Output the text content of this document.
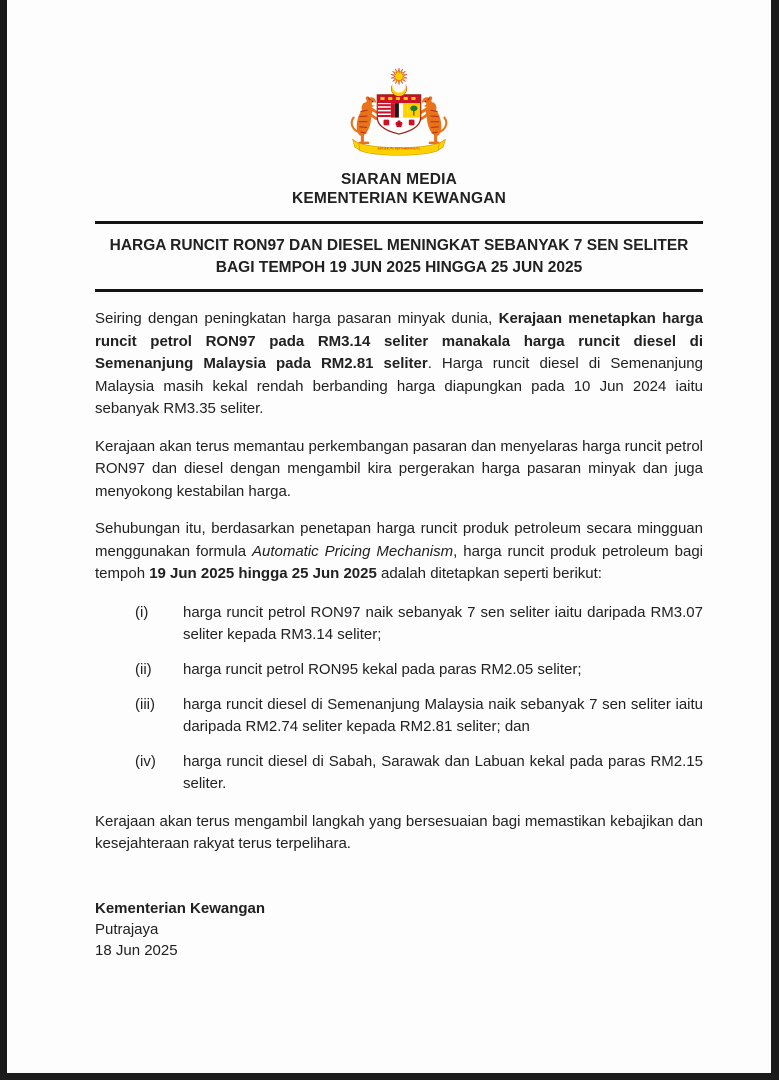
BERSEKUTU BERTAMBAH MUTU
SIARAN MEDIA
KEMENTERIAN KEWANGAN
HARGA RUNCIT RON97 DAN DIESEL MENINGKAT SEBANYAK 7 SEN SELITER
BAGI TEMPOH 19 JUN 2025 HINGGA 25 JUN 2025

Seiring dengan peningkatan harga pasaran minyak dunia, Kerajaan menetapkan harga runcit petrol RON97 pada RM3.14 seliter manakala harga runcit diesel di Semenanjung Malaysia pada RM2.81 seliter. Harga runcit diesel di Semenanjung Malaysia masih kekal rendah berbanding harga diapungkan pada 10 Jun 2024 iaitu sebanyak RM3.35 seliter.

Kerajaan akan terus memantau perkembangan pasaran dan menyelaras harga runcit petrol RON97 dan diesel dengan mengambil kira pergerakan harga pasaran minyak dan juga menyokong kestabilan harga.

Sehubungan itu, berdasarkan penetapan harga runcit produk petroleum secara mingguan menggunakan formula Automatic Pricing Mechanism, harga runcit produk petroleum bagi tempoh 19 Jun 2025 hingga 25 Jun 2025 adalah ditetapkan seperti berikut:

(i)	harga runcit petrol RON97 naik sebanyak 7 sen seliter iaitu daripada RM3.07 seliter kepada RM3.14 seliter;
(ii)	harga runcit petrol RON95 kekal pada paras RM2.05 seliter;
(iii)	harga runcit diesel di Semenanjung Malaysia naik sebanyak 7 sen seliter iaitu daripada RM2.74 seliter kepada RM2.81 seliter; dan
(iv)	harga runcit diesel di Sabah, Sarawak dan Labuan kekal pada paras RM2.15 seliter.

Kerajaan akan terus mengambil langkah yang bersesuaian bagi memastikan kebajikan dan kesejahteraan rakyat terus terpelihara.

Kementerian Kewangan
Putrajaya
18 Jun 2025
